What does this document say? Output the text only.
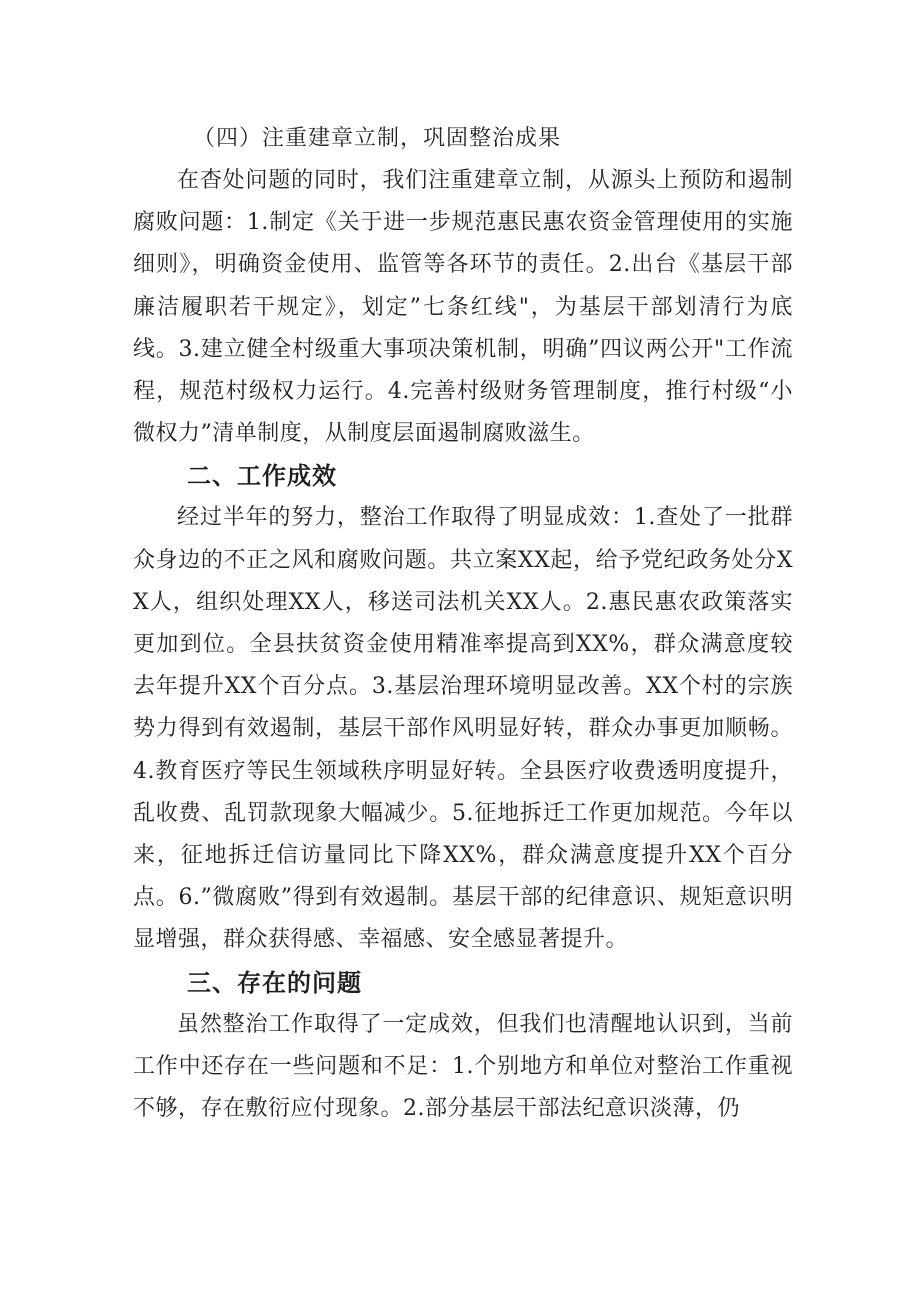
（四）注重建章立制，巩固整治成果

在杳处问题的同时，我们注重建章立制，从源头上预防和遏制腐败问题：1.制定《关于进一步规范惠民惠农资金管理使用的实施细则》，明确资金使用、监管等各环节的责任。2.出台《基层干部廉洁履职若干规定》，划定”七条红线"，为基层干部划清行为底线。3.建立健全村级重大事项决策机制，明确”四议两公开"工作流程，规范村级权力运行。4.完善村级财务管理制度，推行村级“小微权力”清单制度，从制度层面遏制腐败滋生。

二、工作成效

经过半年的努力，整治工作取得了明显成效：1.查处了一批群众身边的不正之风和腐败问题。共立案XX起，给予党纪政务处分XX人，组织处理XX人，移送司法机关XX人。2.惠民惠农政策落实更加到位。全县扶贫资金使用精准率提高到XX%，群众满意度较去年提升XX个百分点。3.基层治理环境明显改善。XX个村的宗族势力得到有效遏制，基层干部作风明显好转，群众办事更加顺畅。4.教育医疗等民生领域秩序明显好转。全县医疗收费透明度提升，乱收费、乱罚款现象大幅减少。5.征地拆迁工作更加规范。今年以来，征地拆迁信访量同比下降XX%，群众满意度提升XX个百分点。6.”微腐败”得到有效遏制。基层干部的纪律意识、规矩意识明显增强，群众获得感、幸福感、安全感显著提升。

三、存在的问题

虽然整治工作取得了一定成效，但我们也清醒地认识到，当前工作中还存在一些问题和不足：1.个别地方和单位对整治工作重视不够，存在敷衍应付现象。2.部分基层干部法纪意识淡薄，仍
